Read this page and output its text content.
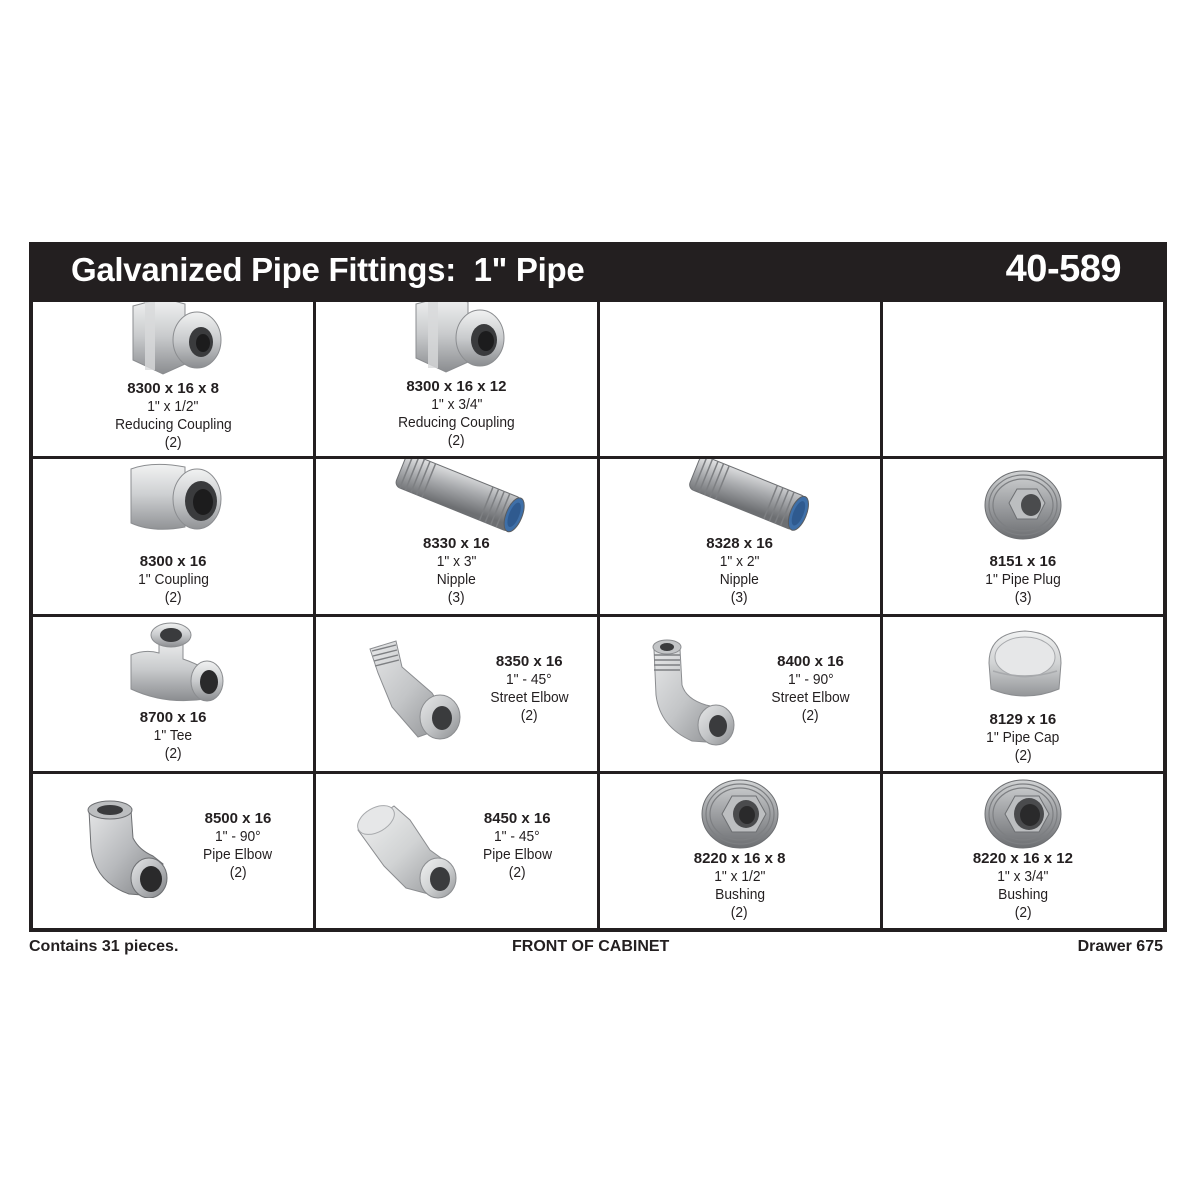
Galvanized Pipe Fittings:  1" Pipe	40-589
8300 x 16 x 8
1" x 1/2"
Reducing Coupling
(2)
8300 x 16 x 12
1" x 3/4"
Reducing Coupling
(2)
8300 x 16
1" Coupling
(2)
8330 x 16
1" x 3"
Nipple
(3)
8328 x 16
1" x 2"
Nipple
(3)
8151 x 16
1" Pipe Plug
(3)
8700 x 16
1" Tee
(2)
8350 x 16
1" - 45°
Street Elbow
(2)
8400 x 16
1" - 90°
Street Elbow
(2)	8129 x 16
1" Pipe Cap
(2)
8500 x 16
1" - 90°
Pipe Elbow
(2)
8450 x 16
1" - 45°
Pipe Elbow
(2)
8220 x 16 x 8
1" x 1/2"
Bushing
(2)
8220 x 16 x 12
1" x 3/4"
Bushing
(2)
Contains 31 pieces.	FRONT OF CABINET	Drawer 675
